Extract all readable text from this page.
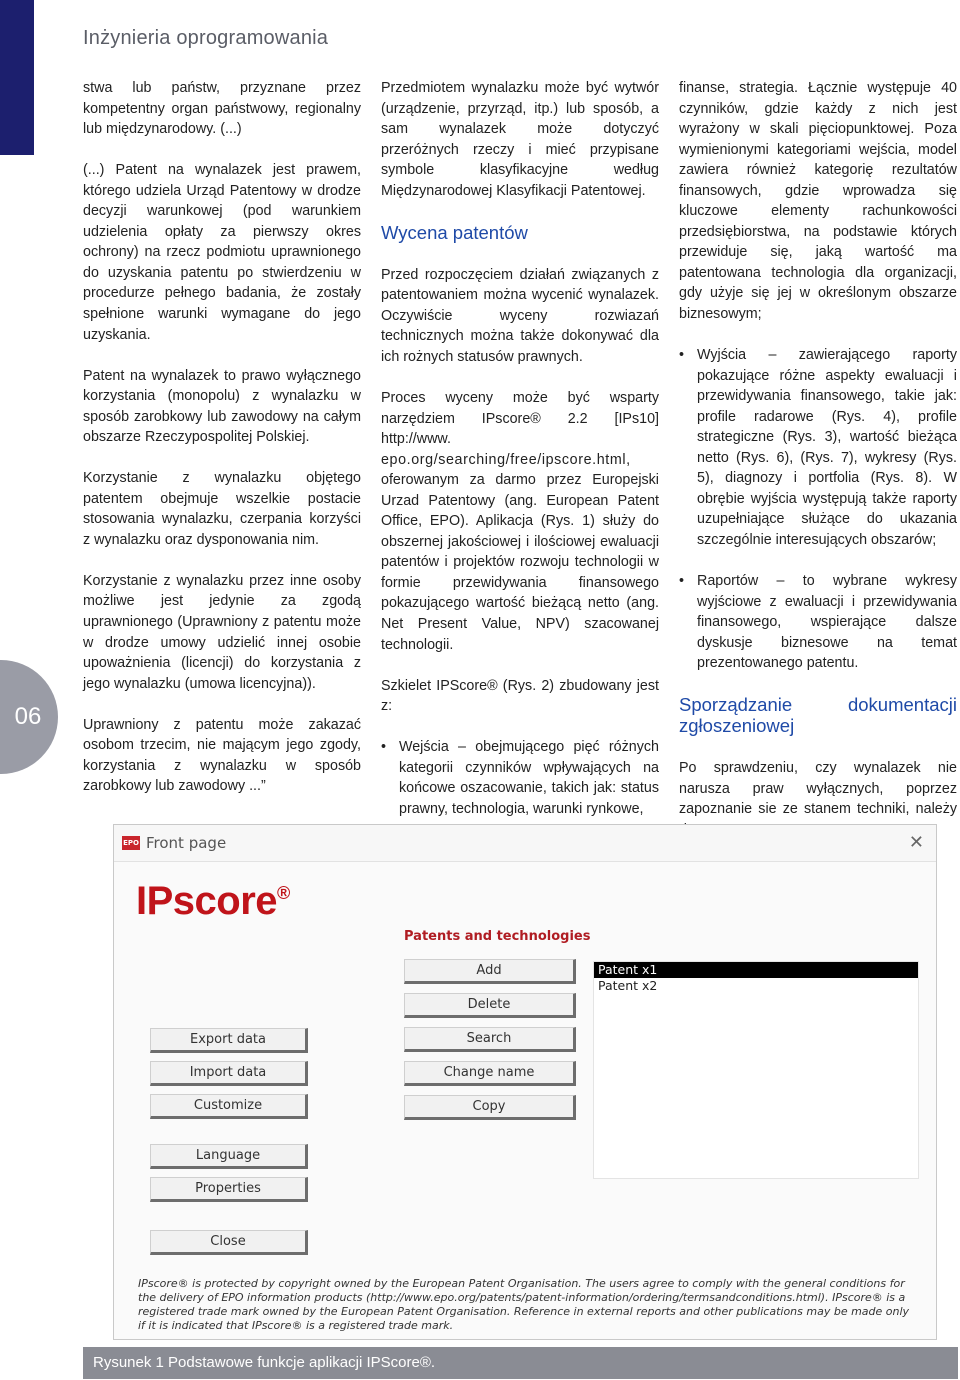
Inżynieria oprogramowania
06

stwa lub państw, przyznane przez kompetentny organ państwowy, regionalny lub międzynarodowy. (...)

(...) Patent na wynalazek jest prawem, którego udziela Urząd Patentowy w drodze decyzji warunkowej (pod warunkiem udzielenia opłaty za pierwszy okres ochrony) na rzecz podmiotu uprawnionego do uzyskania patentu po stwierdzeniu w procedurze pełnego badania, że zostały spełnione warunki wymagane do jego uzyskania.

Patent na wynalazek to prawo wyłącznego korzystania (monopolu) z wynalazku w sposób zarobkowy lub zawodowy na całym obszarze Rzeczypospolitej Polskiej.

Korzystanie z wynalazku objętego patentem obejmuje wszelkie postacie stosowania wynalazku, czerpania korzyści z wynalazku oraz dysponowania nim.

Korzystanie z wynalazku przez inne osoby możliwe jest jedynie za zgodą uprawnionego (Uprawniony z patentu może w drodze umowy udzielić innej osobie upoważnienia (licencji) do korzystania z jego wynalazku (umowa licencyjna)).

Uprawniony z patentu może zakazać osobom trzecim, nie mającym jego zgody, korzystania z wynalazku w sposób zarobkowy lub zawodowy ...”

Przedmiotem wynalazku może być wytwór (urządzenie, przyrząd, itp.) lub sposób, a sam wynalazek może dotyczyć przeróżnych rzeczy i mieć przypisane symbole klasyfikacyjne według Międzynarodowej Klasyfikacji Patentowej.

Wycena patentów

Przed rozpoczęciem działań związanych z patentowaniem można wycenić wynalazek. Oczywiście wyceny rozwiazań technicznych można także dokonywać dla ich rożnych statusów prawnych.

Proces wyceny może być wsparty narzędziem IPscore® 2.2 [IPs10] http://www. epo.org/searching/free/ipscore.html, oferowanym za darmo przez Europejski Urzad Patentowy (ang. European Patent Office, EPO). Aplikacja (Rys. 1) służy do obszernej jakościowej i ilościowej ewaluacji patentów i projektów rozwoju technologii w formie przewidywania finansowego pokazującego wartość bieżącą netto (ang. Net Present Value, NPV) szacowanej technologii.

Szkielet IPScore® (Rys. 2) zbudowany jest z:

• Wejścia – obejmującego pięć różnych kategorii czynników wpływających na końcowe oszacowanie, takich jak: status prawny, technologia, warunki rynkowe,

finanse, strategia. Łącznie występuje 40 czynników, gdzie każdy z nich jest wyrażony w skali pięciopunktowej. Poza wymienionymi kategoriami wejścia, model zawiera również kategorię rezultatów finansowych, gdzie wprowadza się kluczowe elementy rachunkowości przedsiębiorstwa, na podstawie których przewiduje się, jaką wartość ma patentowana technologia dla organizacji, gdy użyje się jej w określonym obszarze biznesowym;

• Wyjścia – zawierającego raporty pokazujące różne aspekty ewaluacji i przewidywania finansowego, takie jak: profile radarowe (Rys. 4), profile strategiczne (Rys. 3), wartość bieżąca netto (Rys. 6), (Rys. 7), wykresy (Rys. 5), diagnozy i portfolia (Rys. 8). W obrębie wyjścia występują także raporty uzupełniające służące do ukazania szczególnie interesujących obszarów;

• Raportów – to wybrane wykresy wyjściowe z ewaluacji i przewidywania finansowego, wspierające dalsze dyskusje biznesowe na temat prezentowanego patentu.

Sporządzanie	dokumentacji
zgłoszeniowej

Po sprawdzeniu, czy wynalazek nie narusza praw wyłącznych, poprzez zapoznanie sie ze stanem techniki, należy

EPO Front page	✕
IPscore®
Patents and technologies
Export data
Import data
Customize
Language
Properties
Close
Add
Delete
Search
Change name
Copy
Patent x1
Patent x2
IPscore® is protected by copyright owned by the European Patent Organisation. The users agree to comply with the general conditions for the delivery of EPO information products (http://www.epo.org/patents/patent-information/ordering/termsandconditions.html). IPscore® is a registered trade mark owned by the European Patent Organisation. Reference in external reports and other publications may be made only if it is indicated that IPscore® is a registered trade mark.
Rysunek 1 Podstawowe funkcje aplikacji IPScore®.
